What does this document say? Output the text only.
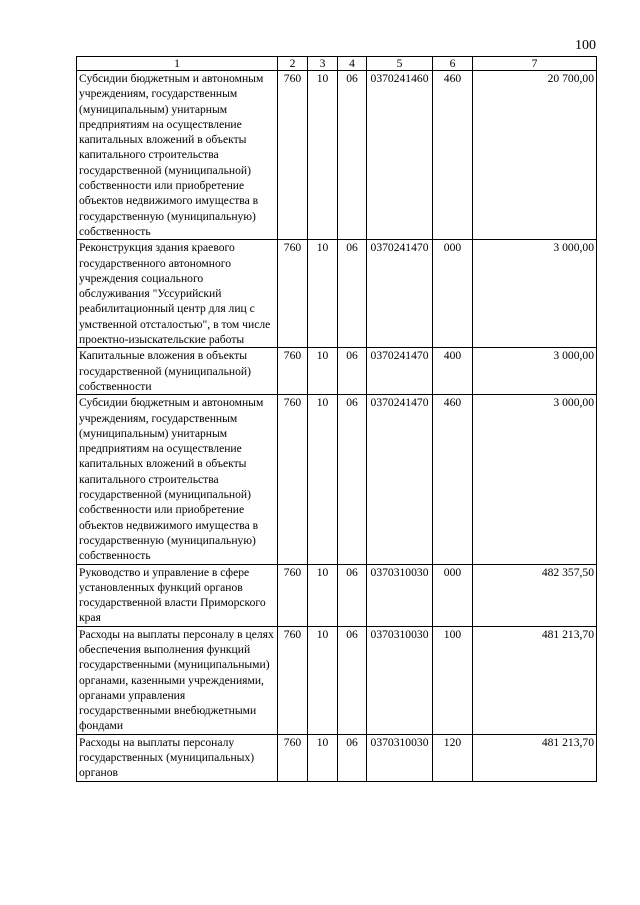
100
1	2	3	4	5	6	7
Субсидии бюджетным и автономным учреждениям, государственным (муниципальным) унитарным предприятиям на осуществление капитальных вложений в объекты капитального строительства государственной (муниципальной) собственности или приобретение объектов недвижимого имущества в государственную (муниципальную) собственность	760	10	06	0370241460	460	20 700,00
Реконструкция здания краевого государственного автономного учреждения социального обслуживания "Уссурийский реабилитационный центр для лиц с умственной отсталостью", в том числе проектно-изыскательские работы	760	10	06	0370241470	000	3 000,00
Капитальные вложения в объекты государственной (муниципальной) собственности	760	10	06	0370241470	400	3 000,00
Субсидии бюджетным и автономным учреждениям, государственным (муниципальным) унитарным предприятиям на осуществление капитальных вложений в объекты капитального строительства государственной (муниципальной) собственности или приобретение объектов недвижимого имущества в государственную (муниципальную) собственность	760	10	06	0370241470	460	3 000,00
Руководство и управление в сфере установленных функций органов государственной власти Приморского края	760	10	06	0370310030	000	482 357,50
Расходы на выплаты персоналу в целях обеспечения выполнения функций государственными (муниципальными) органами, казенными учреждениями, органами управления государственными внебюджетными фондами	760	10	06	0370310030	100	481 213,70
Расходы на выплаты персоналу государственных (муниципальных) органов	760	10	06	0370310030	120	481 213,70
